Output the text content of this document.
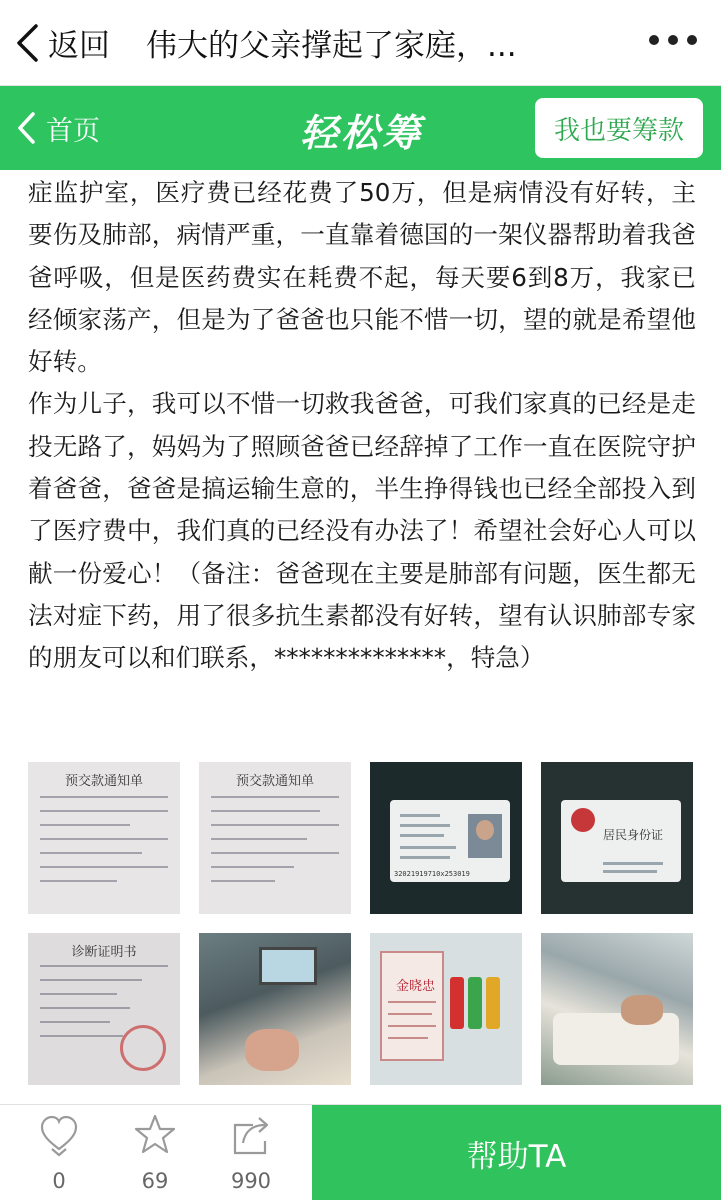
返回 伟大的父亲撑起了家庭，...
首页	轻松筹	我也要筹款

症监护室，医疗费已经花费了50万，但是病情没有好转，主要伤及肺部，病情严重，一直靠着德国的一架仪器帮助着我爸爸呼吸，但是医药费实在耗费不起，每天要6到8万，我家已经倾家荡产，但是为了爸爸也只能不惜一切，望的就是希望他好转。

作为儿子，我可以不惜一切救我爸爸，可我们家真的已经是走投无路了，妈妈为了照顾爸爸已经辞掉了工作一直在医院守护着爸爸，爸爸是搞运输生意的，半生挣得钱也已经全部投入到了医疗费中，我们真的已经没有办法了！希望社会好心人可以献一份爱心！（备注：爸爸现在主要是肺部有问题，医生都无法对症下药，用了很多抗生素都没有好转，望有认识肺部专家的朋友可以和们联系，**************，特急）

预交款通知单	预交款通知单
32021919710x253019
居民身份证
诊断证明书
金晓忠
0	69	990
帮助TA
